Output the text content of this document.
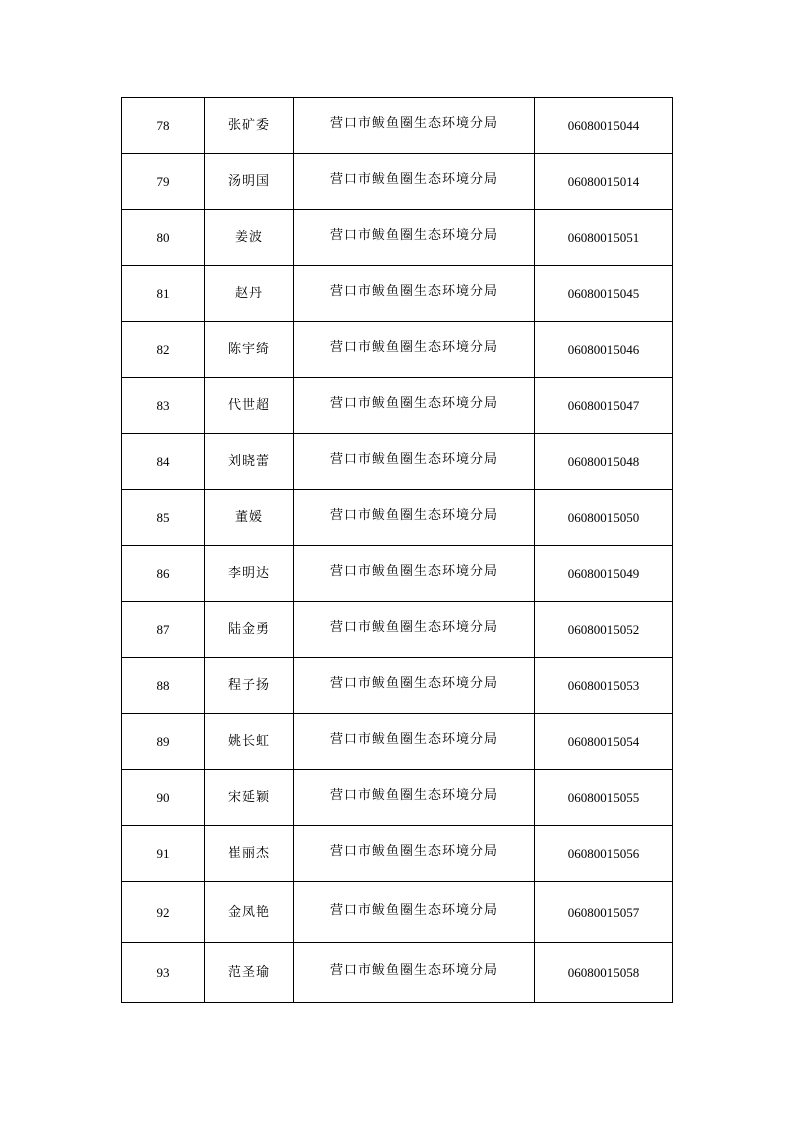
78	张矿委	营口市鲅鱼圈生态环境分局	06080015044
79	汤明国	营口市鲅鱼圈生态环境分局	06080015014
80	姜波	营口市鲅鱼圈生态环境分局	06080015051
81	赵丹	营口市鲅鱼圈生态环境分局	06080015045
82	陈宇绮	营口市鲅鱼圈生态环境分局	06080015046
83	代世超	营口市鲅鱼圈生态环境分局	06080015047
84	刘晓蕾	营口市鲅鱼圈生态环境分局	06080015048
85	董媛	营口市鲅鱼圈生态环境分局	06080015050
86	李明达	营口市鲅鱼圈生态环境分局	06080015049
87	陆金勇	营口市鲅鱼圈生态环境分局	06080015052
88	程子扬	营口市鲅鱼圈生态环境分局	06080015053
89	姚长虹	营口市鲅鱼圈生态环境分局	06080015054
90	宋延颖	营口市鲅鱼圈生态环境分局	06080015055
91	崔丽杰	营口市鲅鱼圈生态环境分局	06080015056
92	金凤艳	营口市鲅鱼圈生态环境分局	06080015057
93	范圣瑜	营口市鲅鱼圈生态环境分局	06080015058
